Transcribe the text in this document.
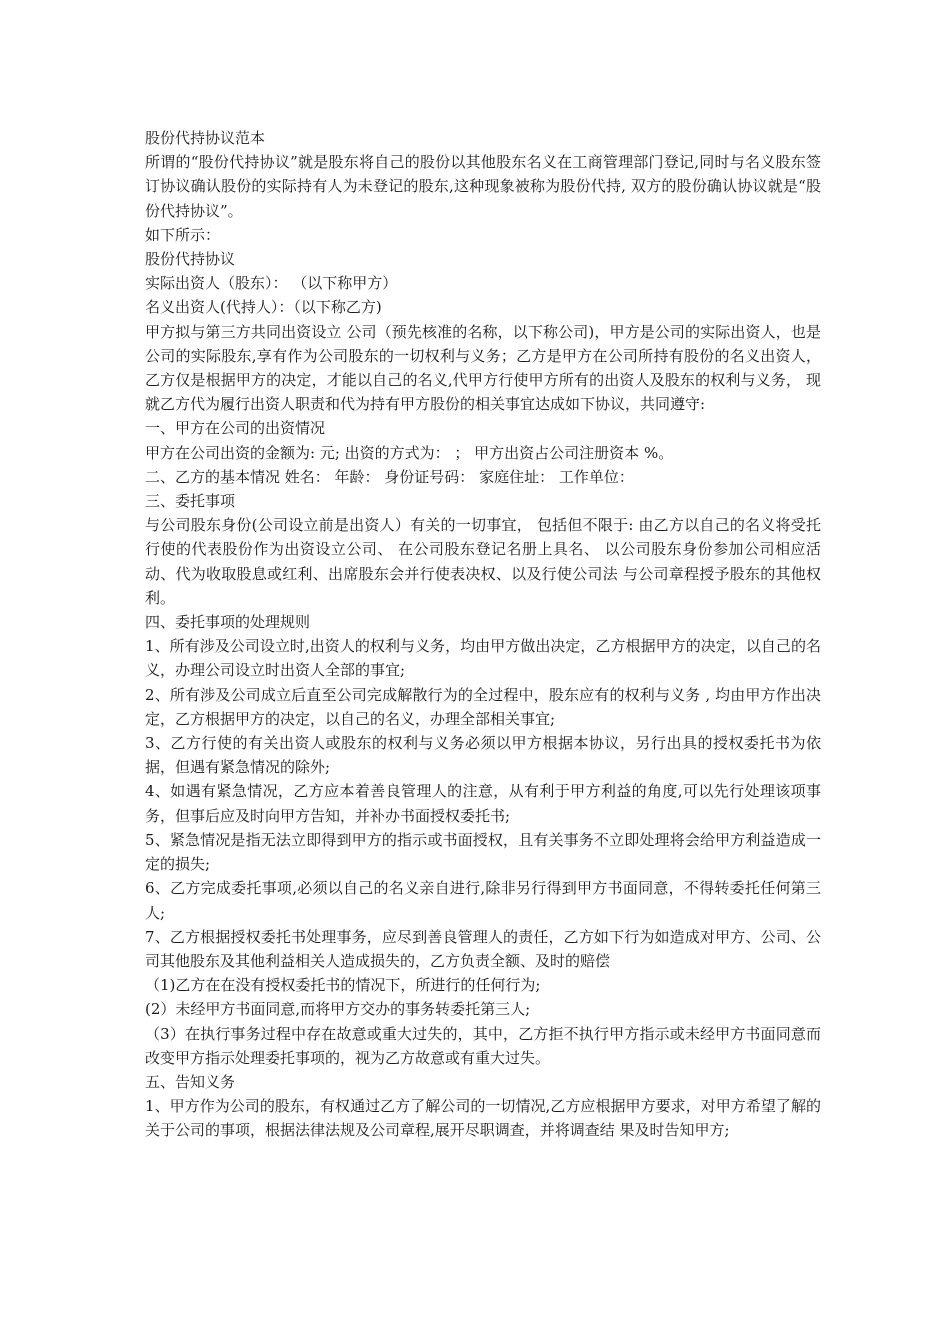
股份代持协议范本

所谓的“股份代持协议”就是股东将自己的股份以其他股东名义在工商管理部门登记,同时与名义股东签订协议确认股份的实际持有人为未登记的股东,这种现象被称为股份代持, 双方的股份确认协议就是“股份代持协议”。

如下所示：

股份代持协议

实际出资人（股东）： （以下称甲方）

名义出资人(代持人）：（以下称乙方)

甲方拟与第三方共同出资设立 公司（预先核准的名称，以下称公司)，甲方是公司的实际出资人，也是公司的实际股东,享有作为公司股东的一切权利与义务；乙方是甲方在公司所持有股份的名义出资人，乙方仅是根据甲方的决定，才能以自己的名义,代甲方行使甲方所有的出资人及股东的权利与义务， 现就乙方代为履行出资人职责和代为持有甲方股份的相关事宜达成如下协议，共同遵守:

一、甲方在公司的出资情况

甲方在公司出资的金额为: 元; 出资的方式为： ； 甲方出资占公司注册资本 %。

二、乙方的基本情况 姓名： 年龄： 身份证号码： 家庭住址： 工作单位：

三、委托事项

与公司股东身份(公司设立前是出资人）有关的一切事宜， 包括但不限于: 由乙方以自己的名义将受托行使的代表股份作为出资设立公司、 在公司股东登记名册上具名、 以公司股东身份参加公司相应活动、代为收取股息或红利、出席股东会并行使表决权、以及行使公司法 与公司章程授予股东的其他权利。

四、委托事项的处理规则

1、所有涉及公司设立时,出资人的权利与义务，均由甲方做出决定，乙方根据甲方的决定，以自己的名义，办理公司设立时出资人全部的事宜;

2、所有涉及公司成立后直至公司完成解散行为的全过程中，股东应有的权利与义务 , 均由甲方作出决定，乙方根据甲方的决定，以自己的名义，办理全部相关事宜;

3、乙方行使的有关出资人或股东的权利与义务必须以甲方根据本协议，另行出具的授权委托书为依据，但遇有紧急情况的除外;

4、如遇有紧急情况，乙方应本着善良管理人的注意，从有利于甲方利益的角度,可以先行处理该项事务，但事后应及时向甲方告知，并补办书面授权委托书;

5、紧急情况是指无法立即得到甲方的指示或书面授权，且有关事务不立即处理将会给甲方利益造成一定的损失;

6、乙方完成委托事项,必须以自己的名义亲自进行,除非另行得到甲方书面同意，不得转委托任何第三人;

7、乙方根据授权委托书处理事务，应尽到善良管理人的责任，乙方如下行为如造成对甲方、公司、公司其他股东及其他利益相关人造成损失的，乙方负责全额、及时的赔偿

（1)乙方在在没有授权委托书的情况下，所进行的任何行为;

(2）未经甲方书面同意,而将甲方交办的事务转委托第三人;

（3）在执行事务过程中存在故意或重大过失的，其中，乙方拒不执行甲方指示或未经甲方书面同意而改变甲方指示处理委托事项的，视为乙方故意或有重大过失。

五、告知义务

1、甲方作为公司的股东，有权通过乙方了解公司的一切情况,乙方应根据甲方要求，对甲方希望了解的关于公司的事项，根据法律法规及公司章程,展开尽职调查，并将调查结 果及时告知甲方;
